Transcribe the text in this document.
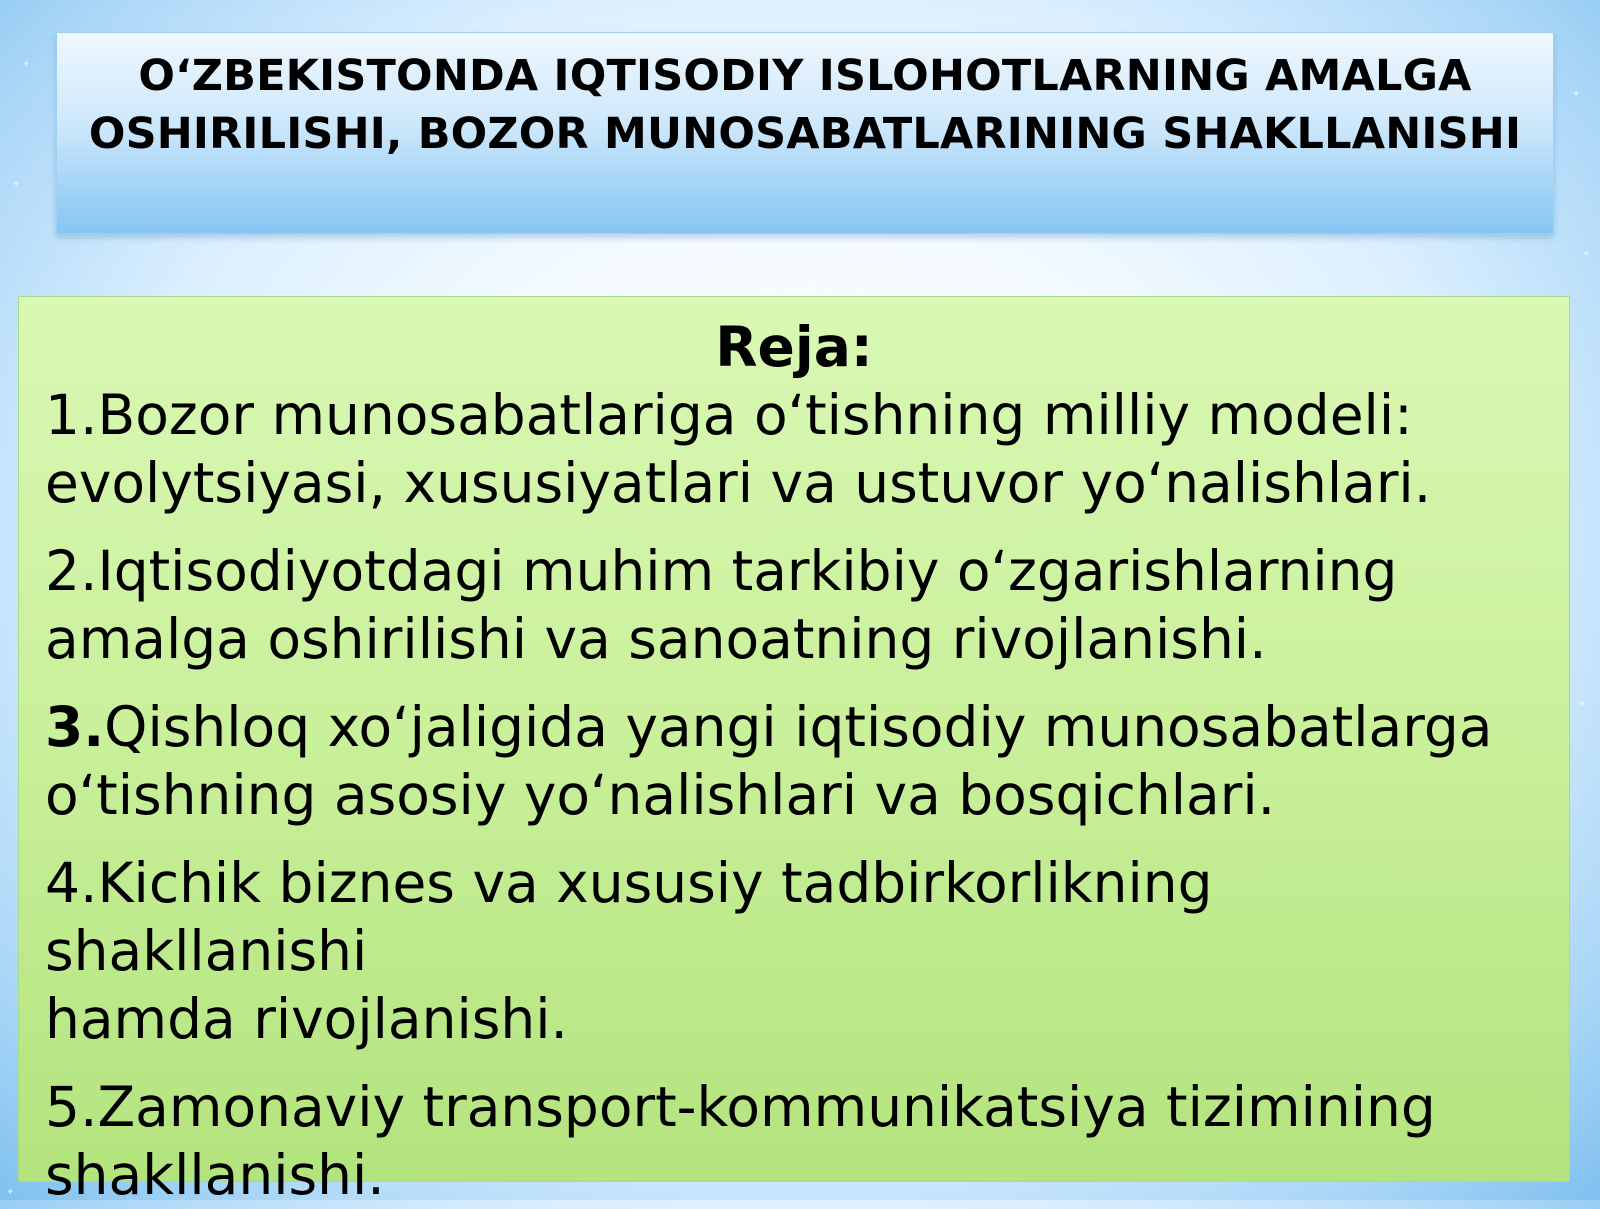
✦
✦
✦
✦
✦
✦

O‘ZBEKISTONDA IQTISODIY ISLOHOTLARNING AMALGA

OSHIRILISHI, BOZOR MUNOSABATLARINING SHAKLLANISHI

Reja:
1.Bozor munosabatlariga o‘tishning milliy modeli:
evolytsiyasi, xususiyatlari va ustuvor yo‘nalishlari.
2.Iqtisodiyotdagi muhim tarkibiy o‘zgarishlarning
amalga oshirilishi va sanoatning rivojlanishi.
3.Qishloq xo‘jaligida yangi iqtisodiy munosabatlarga
o‘tishning asosiy yo‘nalishlari va bosqichlari.
4.Kichik biznes va xususiy tadbirkorlikning shakllanishi
hamda rivojlanishi.
5.Zamonaviy transport-kommunikatsiya tizimining
shakllanishi.
